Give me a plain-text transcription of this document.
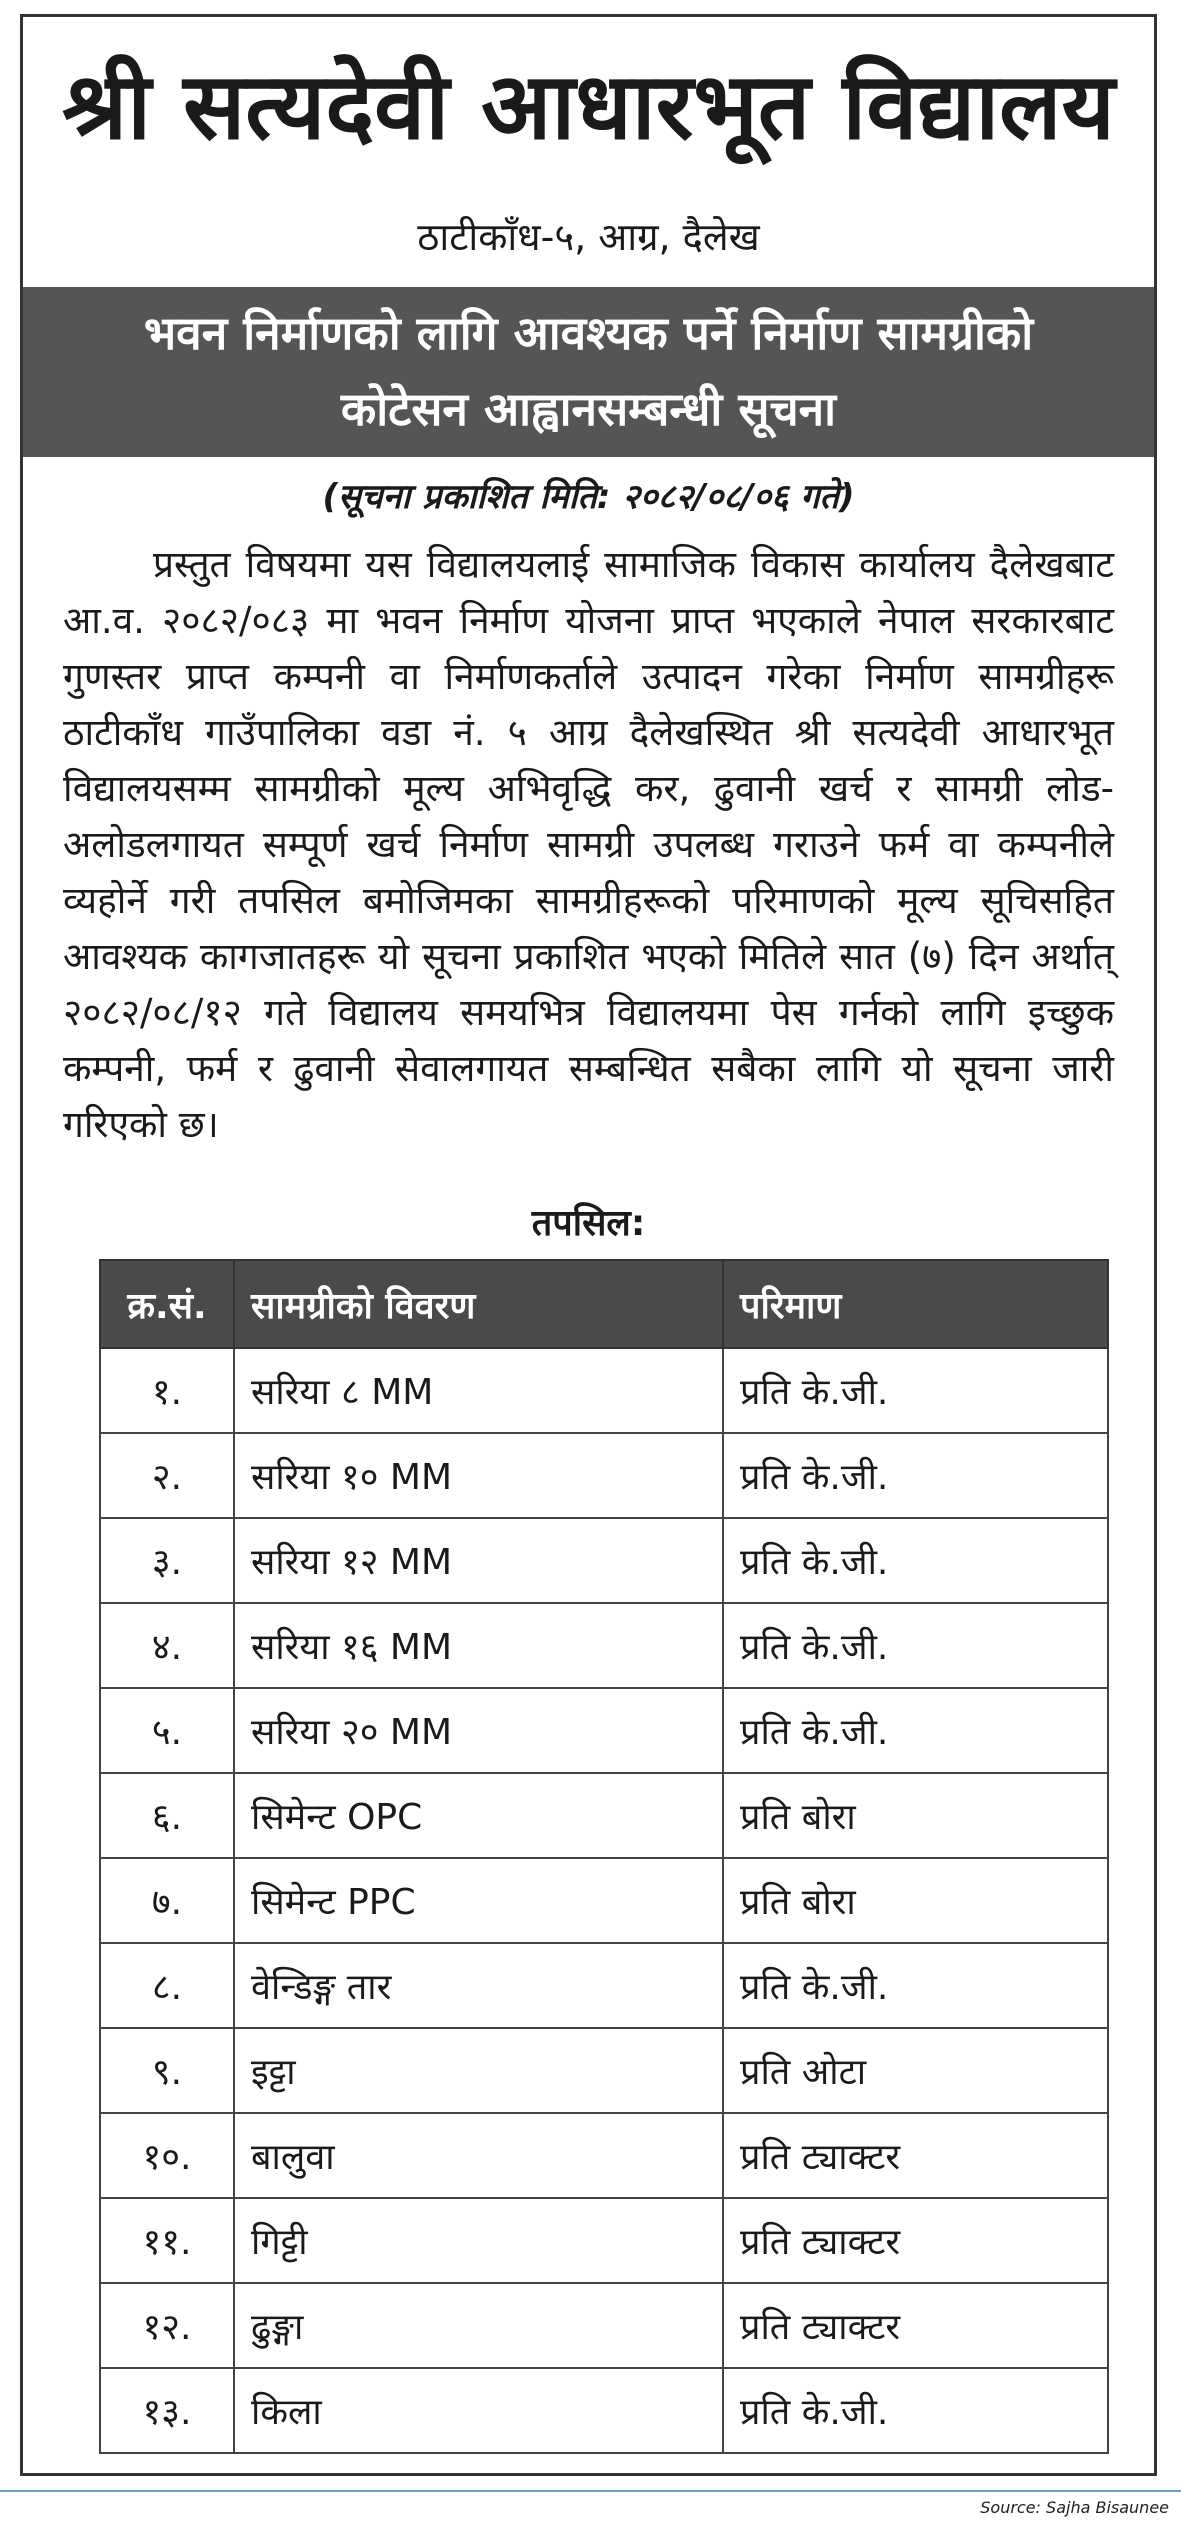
श्री सत्यदेवी आधारभूत विद्यालय
ठाटीकाँध-५, आग्र, दैलेख
भवन निर्माणको लागि आवश्यक पर्ने निर्माण सामग्रीको
कोटेसन आह्वानसम्बन्धी सूचना
(सूचना प्रकाशित मिति: २०८२/०८/०६ गते)
प्रस्तुत विषयमा यस विद्यालयलाई सामाजिक विकास कार्यालय दैलेखबाट आ.व. २०८२/०८३ मा भवन निर्माण योजना प्राप्त भएकाले नेपाल सरकारबाट गुणस्तर प्राप्त कम्पनी वा निर्माणकर्ताले उत्पादन गरेका निर्माण सामग्रीहरू ठाटीकाँध गाउँपालिका वडा नं. ५ आग्र दैलेखस्थित श्री सत्यदेवी आधारभूत विद्यालयसम्म सामग्रीको मूल्य अभिवृद्धि कर, ढुवानी खर्च र सामग्री लोड-अलोडलगायत सम्पूर्ण खर्च निर्माण सामग्री उपलब्ध गराउने फर्म वा कम्पनीले व्यहोर्ने गरी तपसिल बमोजिमका सामग्रीहरूको परिमाणको मूल्य सूचिसहित आवश्यक कागजातहरू यो सूचना प्रकाशित भएको मितिले सात (७) दिन अर्थात् २०८२/०८/१२ गते विद्यालय समयभित्र विद्यालयमा पेस गर्नको लागि इच्छुक कम्पनी, फर्म र ढुवानी सेवालगायत सम्बन्धित सबैका लागि यो सूचना जारी गरिएको छ।
तपसिल:
क्र.सं.	सामग्रीको विवरण	परिमाण
१.	सरिया ८ MM	प्रति के.जी.
२.	सरिया १० MM	प्रति के.जी.
३.	सरिया १२ MM	प्रति के.जी.
४.	सरिया १६ MM	प्रति के.जी.
५.	सरिया २० MM	प्रति के.जी.
६.	सिमेन्ट OPC	प्रति बोरा
७.	सिमेन्ट PPC	प्रति बोरा
८.	वेन्डिङ्ग तार	प्रति के.जी.
९.	इट्टा	प्रति ओटा
१०.	बालुवा	प्रति ट्याक्टर
११.	गिट्टी	प्रति ट्याक्टर
१२.	ढुङ्गा	प्रति ट्याक्टर
१३.	किला	प्रति के.जी.
Source: Sajha Bisaunee
